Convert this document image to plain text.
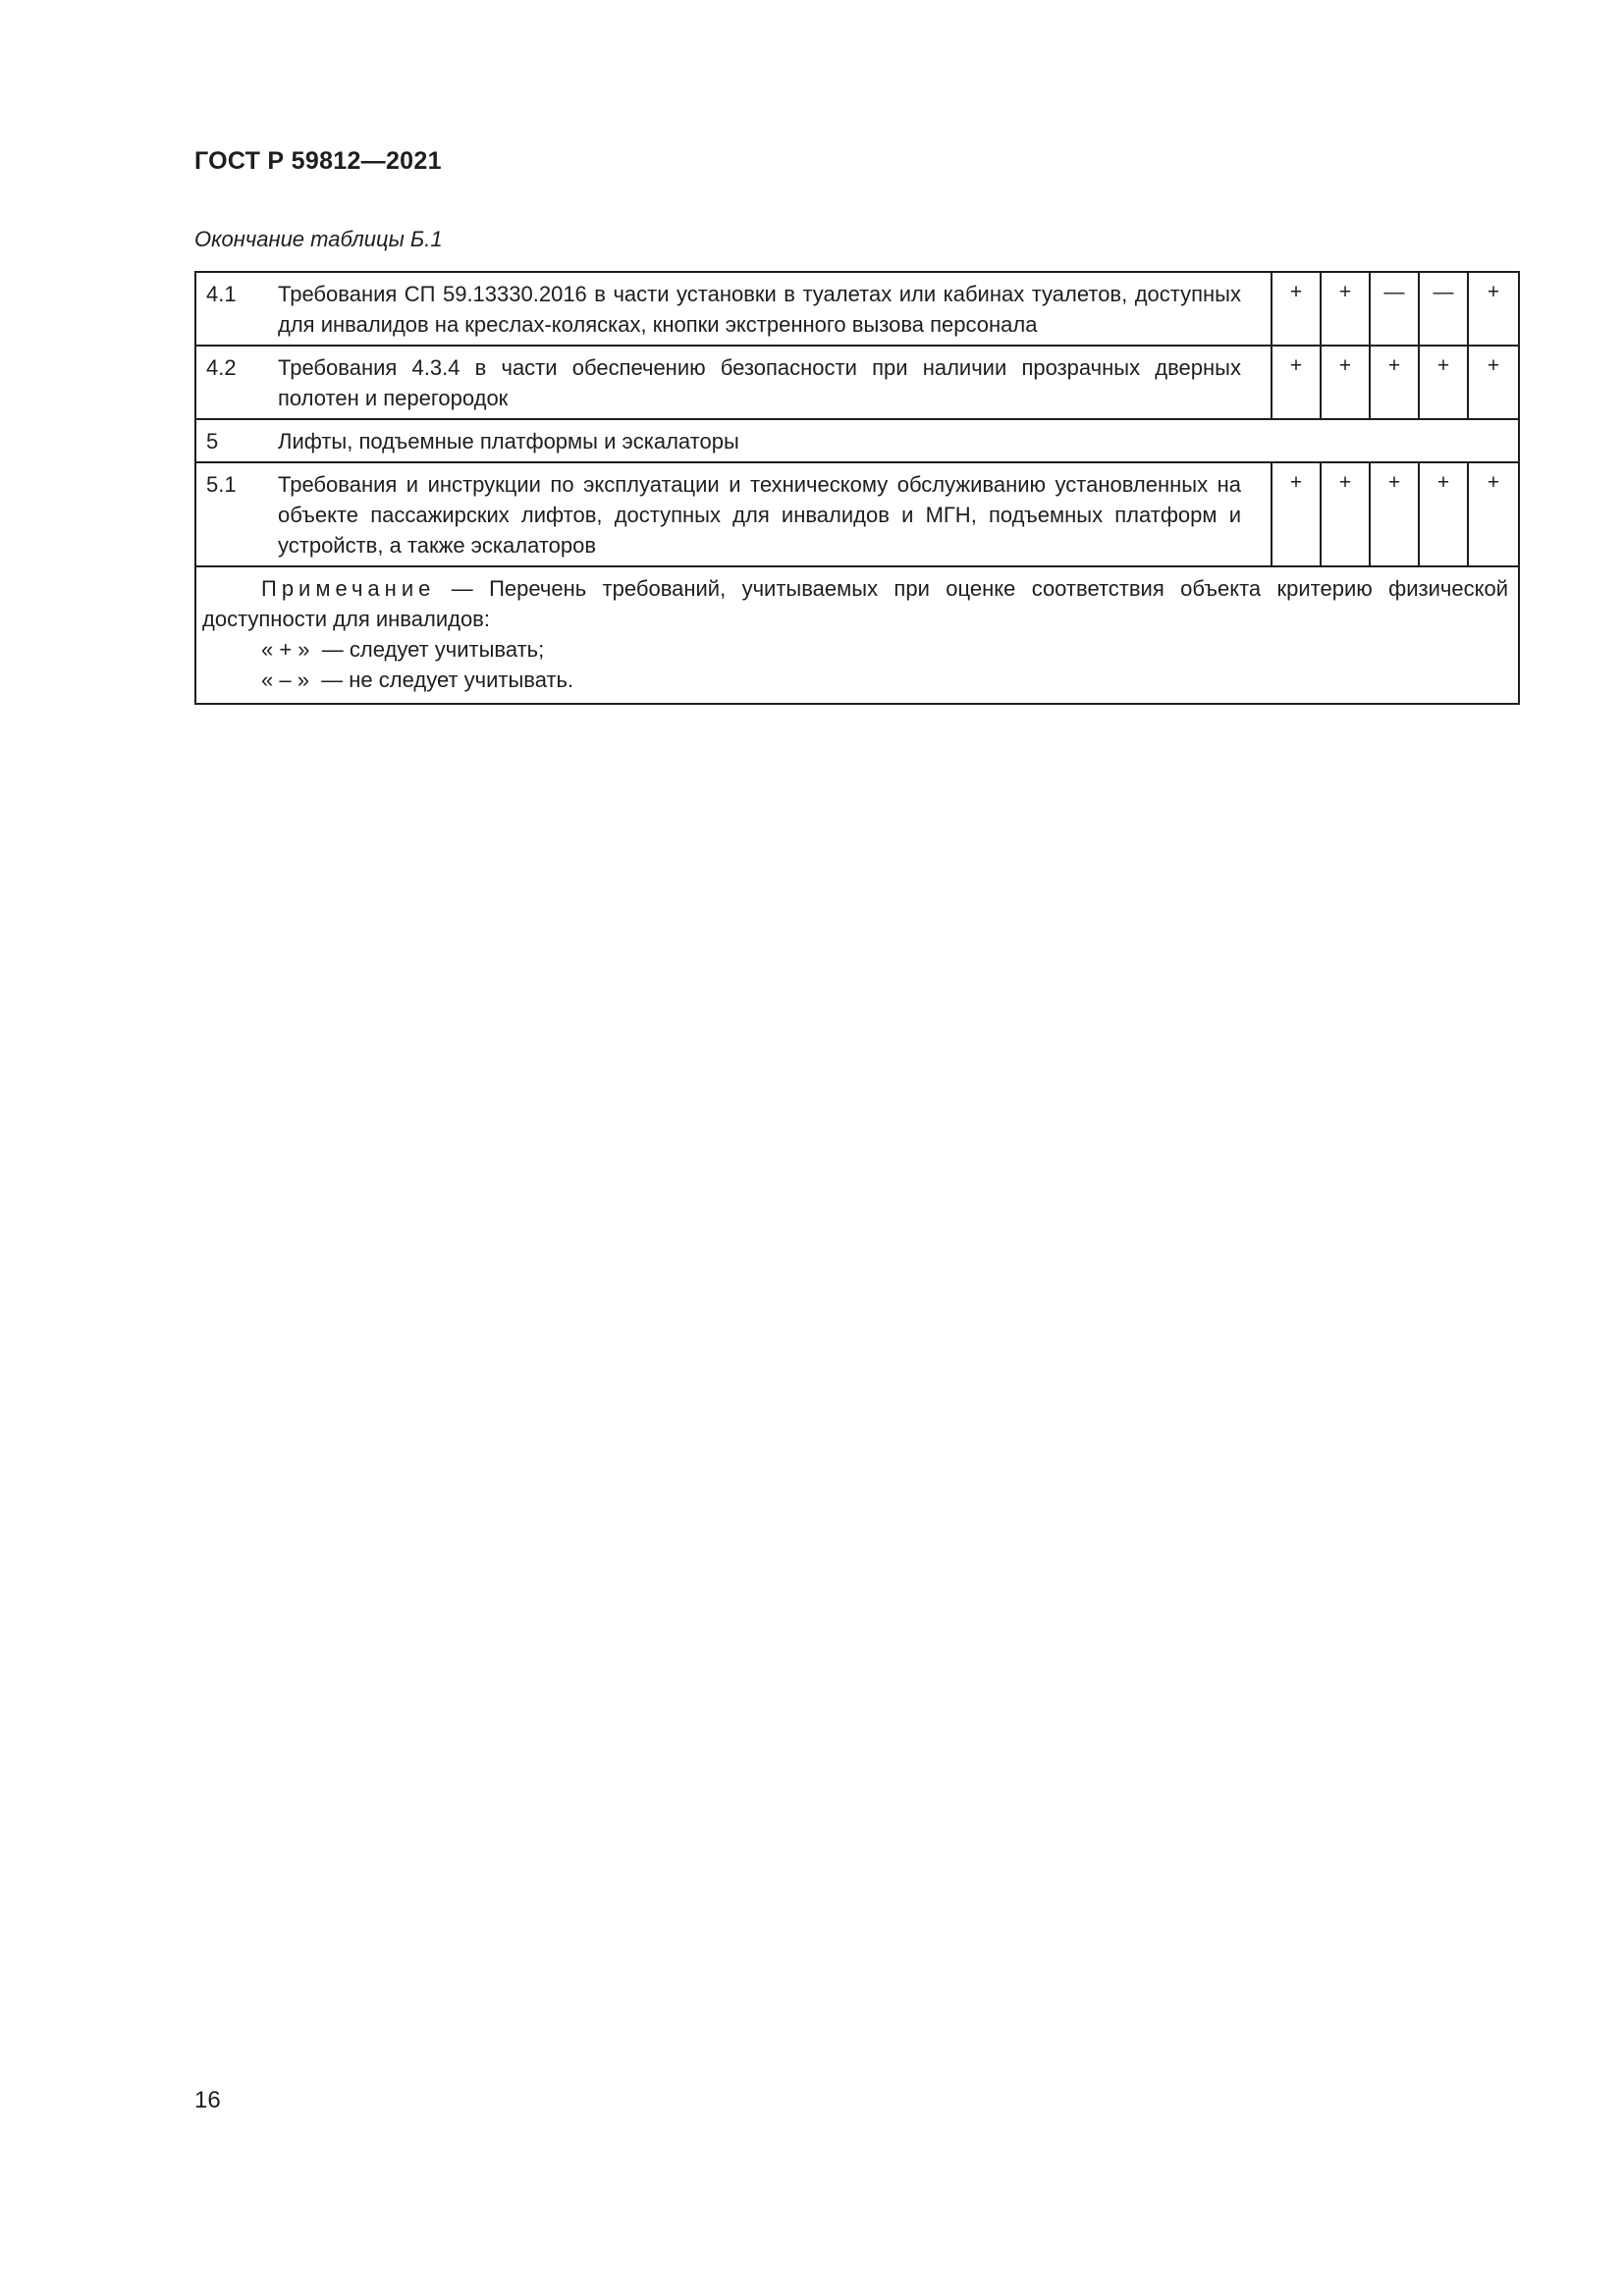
ГОСТ Р 59812—2021
Окончание таблицы Б.1
4.1	Требования СП 59.13330.2016 в части установки в туалетах или кабинах туалетов, доступных для инвалидов на креслах-колясках, кнопки экстренного вызова персонала	+	+	—	—	+
4.2	Требования 4.3.4 в части обеспечению безопасности при наличии прозрачных дверных полотен и перегородок	+	+	+	+	+
5	Лифты, подъемные платформы и эскалаторы					
5.1	Требования и инструкции по эксплуатации и техническому обслуживанию установленных на объекте пассажирских лифтов, доступных для инвалидов и МГН, подъемных платформ и устройств, а также эскалаторов	+	+	+	+	+

Примечание — Перечень требований, учитываемых при оценке соответствия объекта критерию физической доступности для инвалидов:
« + » — следует учитывать;
« – » — не следует учитывать.						
16
